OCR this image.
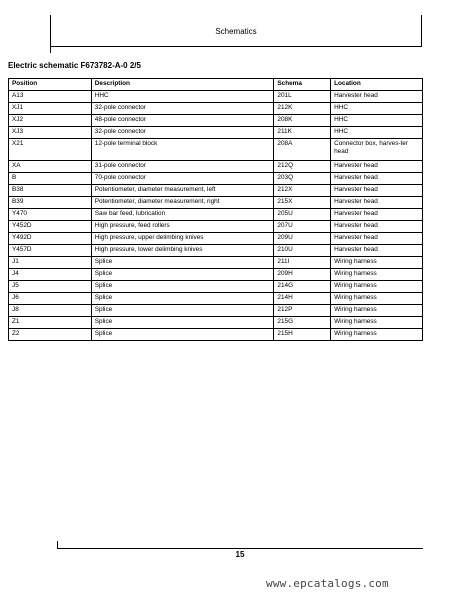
Schematics
Electric schematic F673782-A-0 2/5
Position	Description	Schema	Location
A13	HHC	201L	Harvester head
XJ1	32-pole connector	212K	HHC
XJ2	48-pole connector	208K	HHC
XJ3	32-pole connector	211K	HHC
X21	12-pole terminal block	208A	Connector box, harves-ter head
XA	31-pole connector	212Q	Harvester head
B	70-pole connector	203Q	Harvester head
B38	Potentiometer, diameter measurement, left	212X	Harvester head
B39	Potentiometer, diameter measurement, right	215X	Harvester head
Y470	Saw bar feed, lubrication	205U	Harvester head
Y452D	High pressure, feed rollers	207U	Harvester head
Y492D	High pressure, upper delimbing knives	209U	Harvester head
Y457D	High pressure, lower delimbing knives	210U	Harvester head
J1	Splice	211I	Wiring harness
J4	Splice	209H	Wiring harness
J5	Splice	214G	Wiring harness
J6	Splice	214H	Wiring harness
J8	Splice	212P	Wiring harness
Z1	Splice	215G	Wiring harness
Z2	Splice	215H	Wiring harness
15
www.epcatalogs.com
